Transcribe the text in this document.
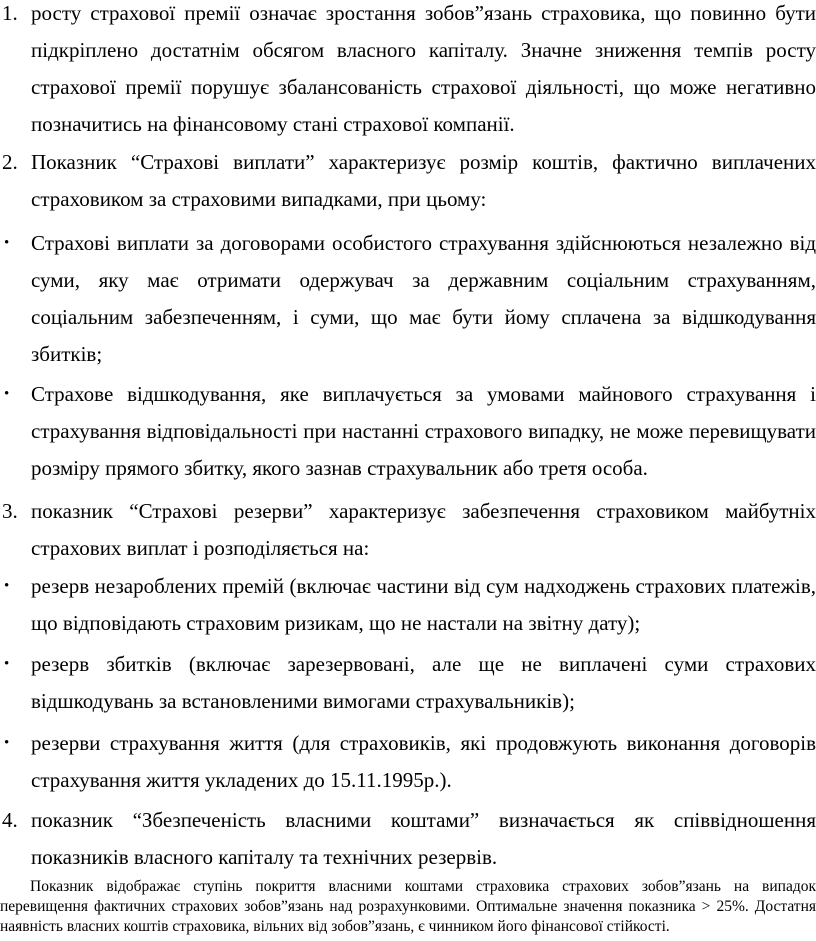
1. росту страхової премії означає зростання зобов”язань страховика, що повинно бути підкріплено достатнім обсягом власного капіталу. Значне зниження темпів росту страхової премії порушує збалансованість страхової діяльності, що може негативно позначитись на фінансовому стані страхової компанії.
2. Показник “Страхові виплати” характеризує розмір коштів, фактично виплачених страховиком за страховими випадками, при цьому:
• Страхові виплати за договорами особистого страхування здійснюються незалежно від суми, яку має отримати одержувач за державним соціальним страхуванням, соціальним забезпеченням, і суми, що має бути йому сплачена за відшкодування збитків;
• Страхове відшкодування, яке виплачується за умовами майнового страхування і страхування відповідальності при настанні страхового випадку, не може перевищувати розміру прямого збитку, якого зазнав страхувальник або третя особа.
3. показник “Страхові резерви” характеризує забезпечення страховиком майбутніх страхових виплат і розподіляється на:
• резерв незароблених премій (включає частини від сум надходжень страхових платежів, що відповідають страховим ризикам, що не настали на звітну дату);
• резерв збитків (включає зарезервовані, але ще не виплачені суми страхових відшкодувань за встановленими вимогами страхувальників);
• резерви страхування життя (для страховиків, які продовжують виконання договорів страхування життя укладених до 15.11.1995р.).
4. показник “Збезпеченість власними коштами” визначається як співвідношення показників власного капіталу та технічних резервів.
Показник відображає ступінь покриття власними коштами страховика страхових зобов”язань на випадок перевищення фактичних страхових зобов”язань над розрахунковими. Оптимальне значення показника > 25%. Достатня наявність власних коштів страховика, вільних від зобов”язань, є чинником його фінансової стійкості.
